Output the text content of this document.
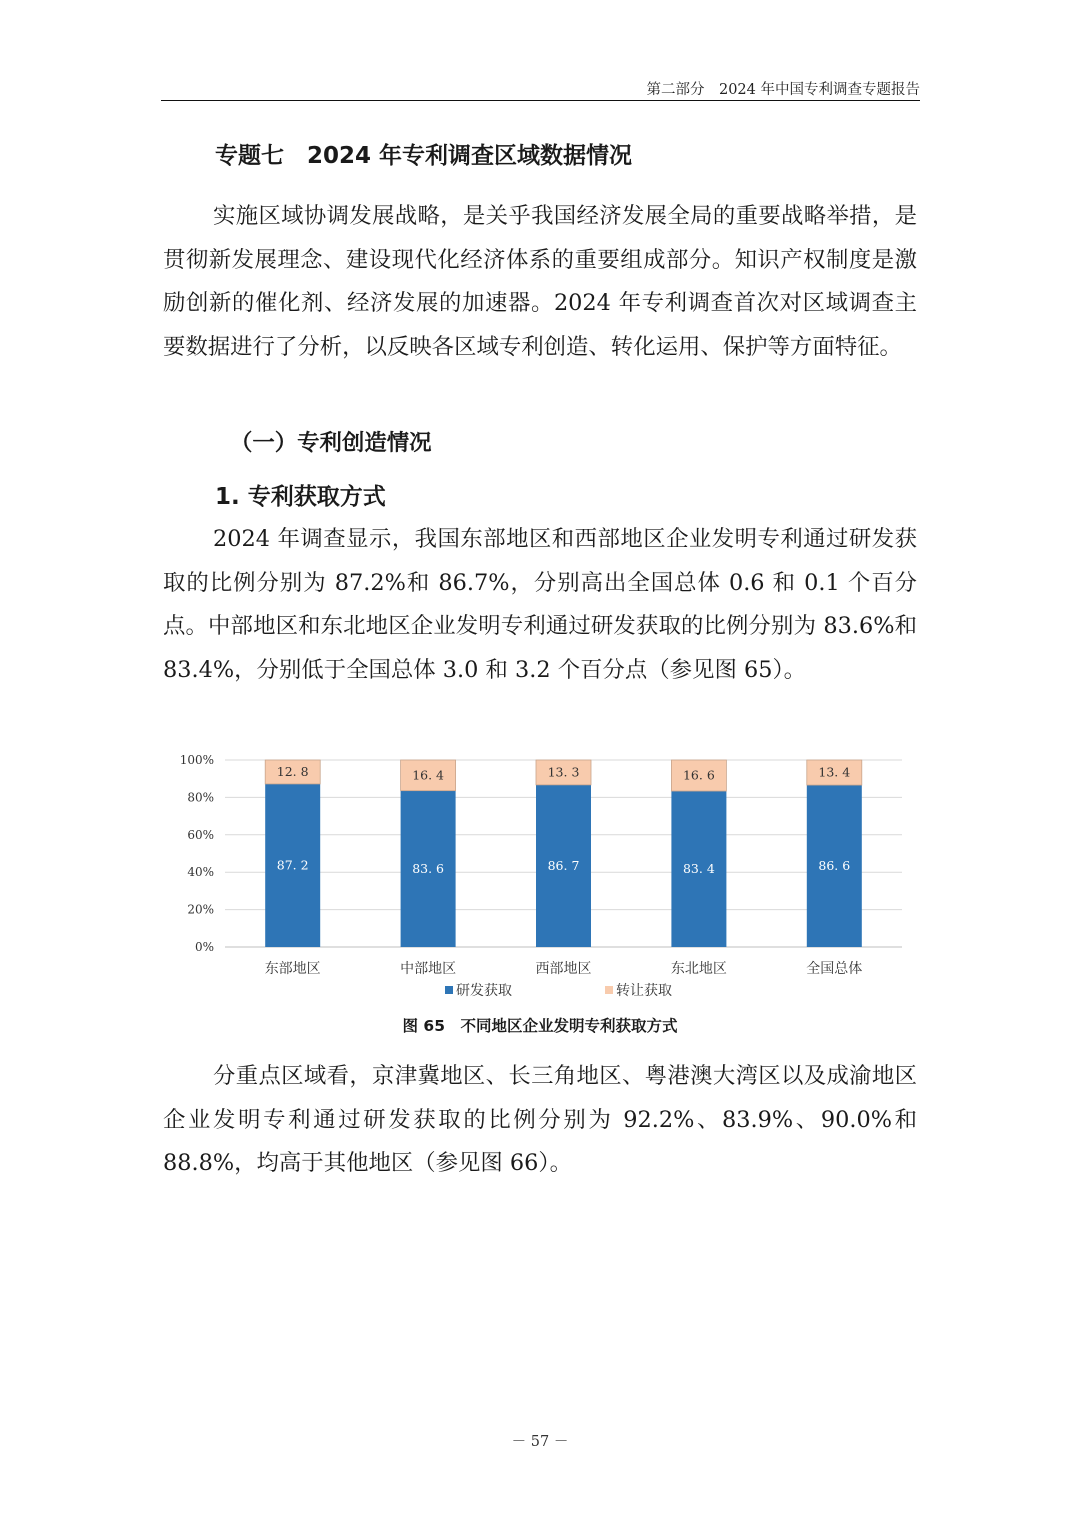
第二部分　2024 年中国专利调查专题报告
专题七　2024 年专利调查区域数据情况

实施区域协调发展战略，是关乎我国经济发展全局的重要战略举措，是贯彻新发展理念、建设现代化经济体系的重要组成部分。知识产权制度是激励创新的催化剂、经济发展的加速器。2024 年专利调查首次对区域调查主要数据进行了分析，以反映各区域专利创造、转化运用、保护等方面特征。

（一）专利创造情况
1. 专利获取方式

2024 年调查显示，我国东部地区和西部地区企业发明专利通过研发获取的比例分别为 87.2%和 86.7%，分别高出全国总体 0.6 和 0.1 个百分点。中部地区和东北地区企业发明专利通过研发获取的比例分别为 83.6%和 83.4%，分别低于全国总体 3.0 和 3.2 个百分点（参见图 65）。

0%
20%
40%
60%
80%
100%
87. 2
12. 8
东部地区
83. 6
16. 4
中部地区
86. 7
13. 3
西部地区
83. 4
16. 6
东北地区
86. 6
13. 4
全国总体
研发获取	转让获取
图 65　不同地区企业发明专利获取方式

分重点区域看，京津冀地区、长三角地区、粤港澳大湾区以及成渝地区企业发明专利通过研发获取的比例分别为 92.2%、83.9%、90.0%和 88.8%，均高于其他地区（参见图 66）。

－ 57 －
